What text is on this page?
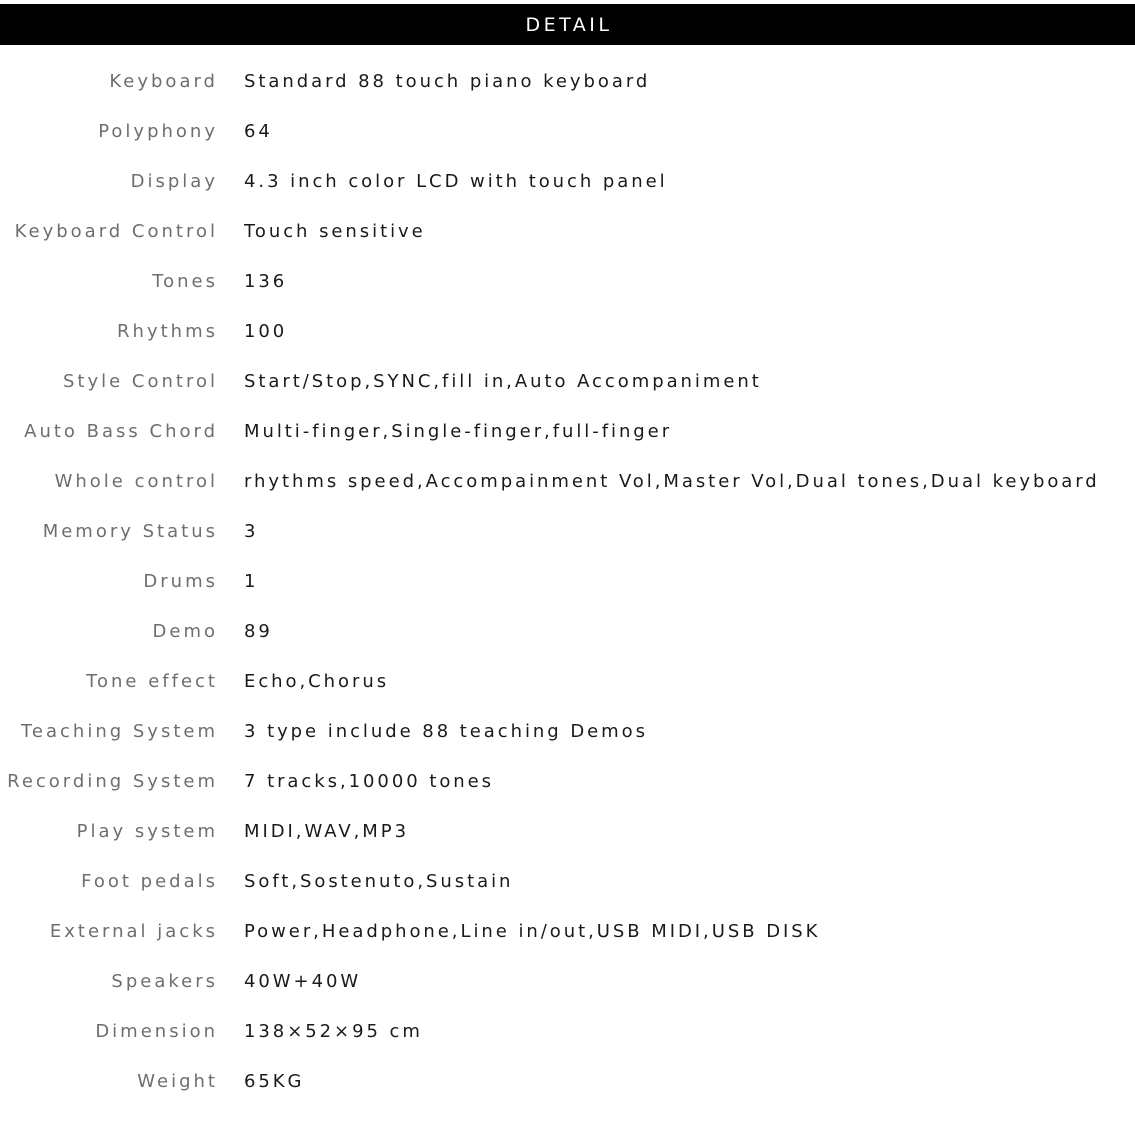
DETAIL
Keyboard Standard 88 touch piano keyboard
Polyphony 64
Display 4.3 inch color LCD with touch panel
Keyboard Control Touch sensitive
Tones 136
Rhythms 100
Style Control Start/Stop,SYNC,fill in,Auto Accompaniment
Auto Bass Chord Multi-finger,Single-finger,full-finger
Whole control rhythms speed,Accompainment Vol,Master Vol,Dual tones,Dual keyboard
Memory Status 3
Drums 1
Demo 89
Tone effect Echo,Chorus
Teaching System 3 type include 88 teaching Demos
Recording System 7 tracks,10000 tones
Play system MIDI,WAV,MP3
Foot pedals Soft,Sostenuto,Sustain
External jacks Power,Headphone,Line in/out,USB MIDI,USB DISK
Speakers 40W+40W
Dimension 138×52×95 cm
Weight 65KG
